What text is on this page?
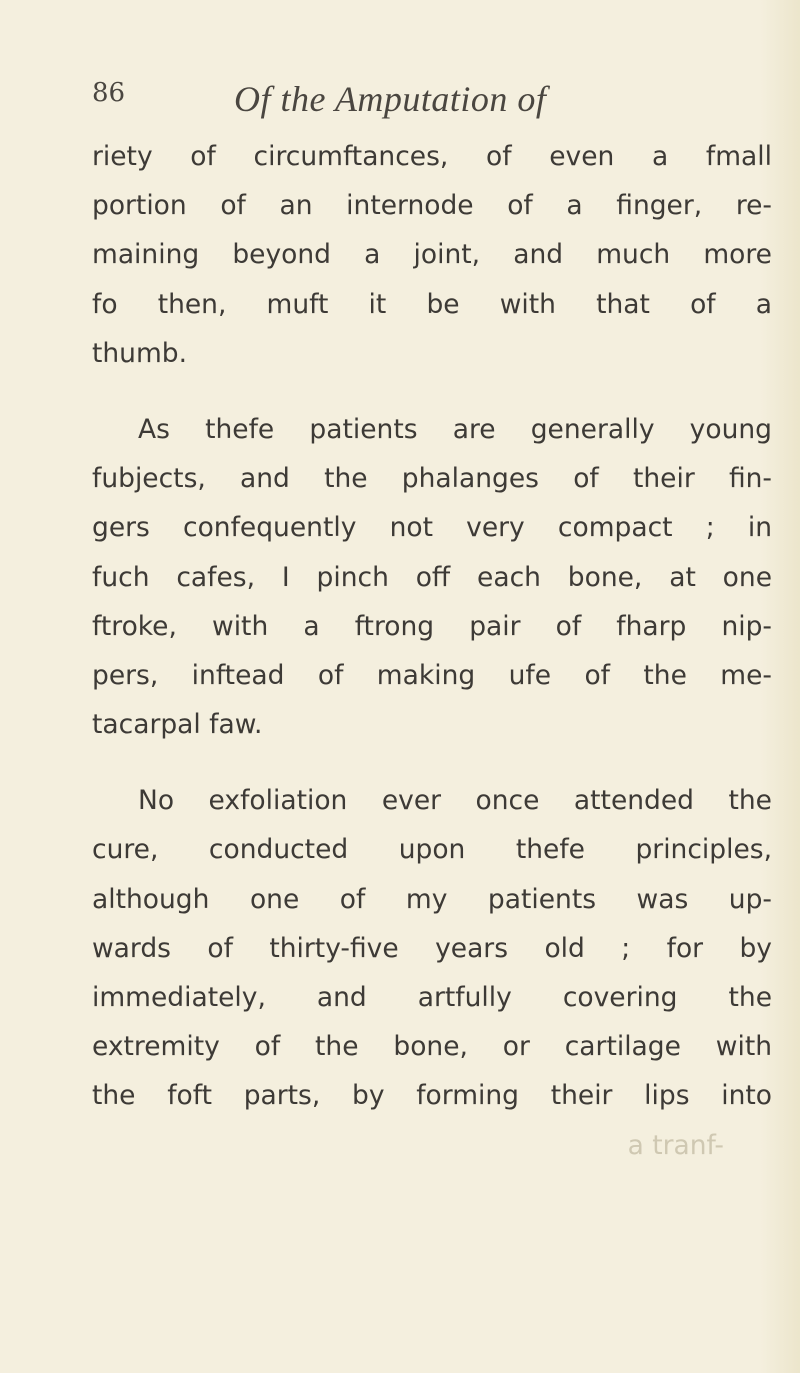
86	Of the Amputation of
riety of circumftances, of even a fmall
portion of an internode of a finger, re-
maining beyond a joint, and much more
fo then, muft it be with that of a
thumb.
As thefe patients are generally young
fubjects, and the phalanges of their fin-
gers confequently not very compact ; in
fuch cafes, I pinch off each bone, at one
ftroke, with a ftrong pair of fharp nip-
pers, inftead of making ufe of the me-
tacarpal faw.
No exfoliation ever once attended the
cure, conducted upon thefe principles,
although one of my patients was up-
wards of thirty-five years old ; for by
immediately, and artfully covering the
extremity of the bone, or cartilage with
the foft parts, by forming their lips into
a tranf-
